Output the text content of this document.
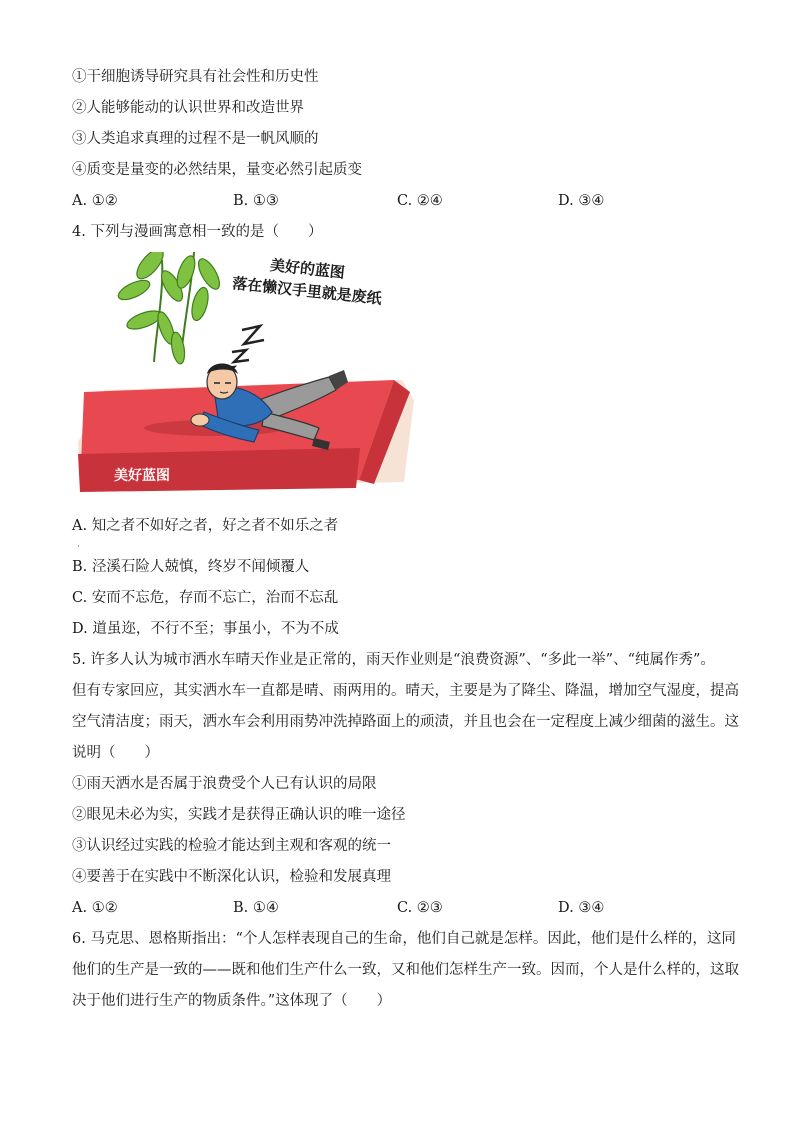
①干细胞诱导研究具有社会性和历史性
②人能够能动的认识世界和改造世界
③人类追求真理的过程不是一帆风顺的
④质变是量变的必然结果，量变必然引起质变
A. ①②	B. ①③	C. ②④	D. ③④
4. 下列与漫画寓意相一致的是（　　）
美好的蓝图
落在懒汉手里就是废纸
美好蓝图
A. 知之者不如好之者，好之者不如乐之者
·
B. 泾溪石险人兢慎，终岁不闻倾覆人
C. 安而不忘危，存而不忘亡，治而不忘乱
D. 道虽迩，不行不至；事虽小，不为不成
5. 许多人认为城市洒水车晴天作业是正常的，雨天作业则是“浪费资源”、“多此一举”、“纯属作秀”。
但有专家回应，其实洒水车一直都是晴、雨两用的。晴天，主要是为了降尘、降温，增加空气湿度，提高
空气清洁度；雨天，洒水车会利用雨势冲洗掉路面上的顽渍，并且也会在一定程度上减少细菌的滋生。这
说明（　　）
①雨天洒水是否属于浪费受个人已有认识的局限
②眼见未必为实，实践才是获得正确认识的唯一途径
③认识经过实践的检验才能达到主观和客观的统一
④要善于在实践中不断深化认识，检验和发展真理
A. ①②	B. ①④	C. ②③	D. ③④
6. 马克思、恩格斯指出：“个人怎样表现自己的生命，他们自己就是怎样。因此，他们是什么样的，这同
他们的生产是一致的——既和他们生产什么一致，又和他们怎样生产一致。因而，个人是什么样的，这取
决于他们进行生产的物质条件。”这体现了（　　）
